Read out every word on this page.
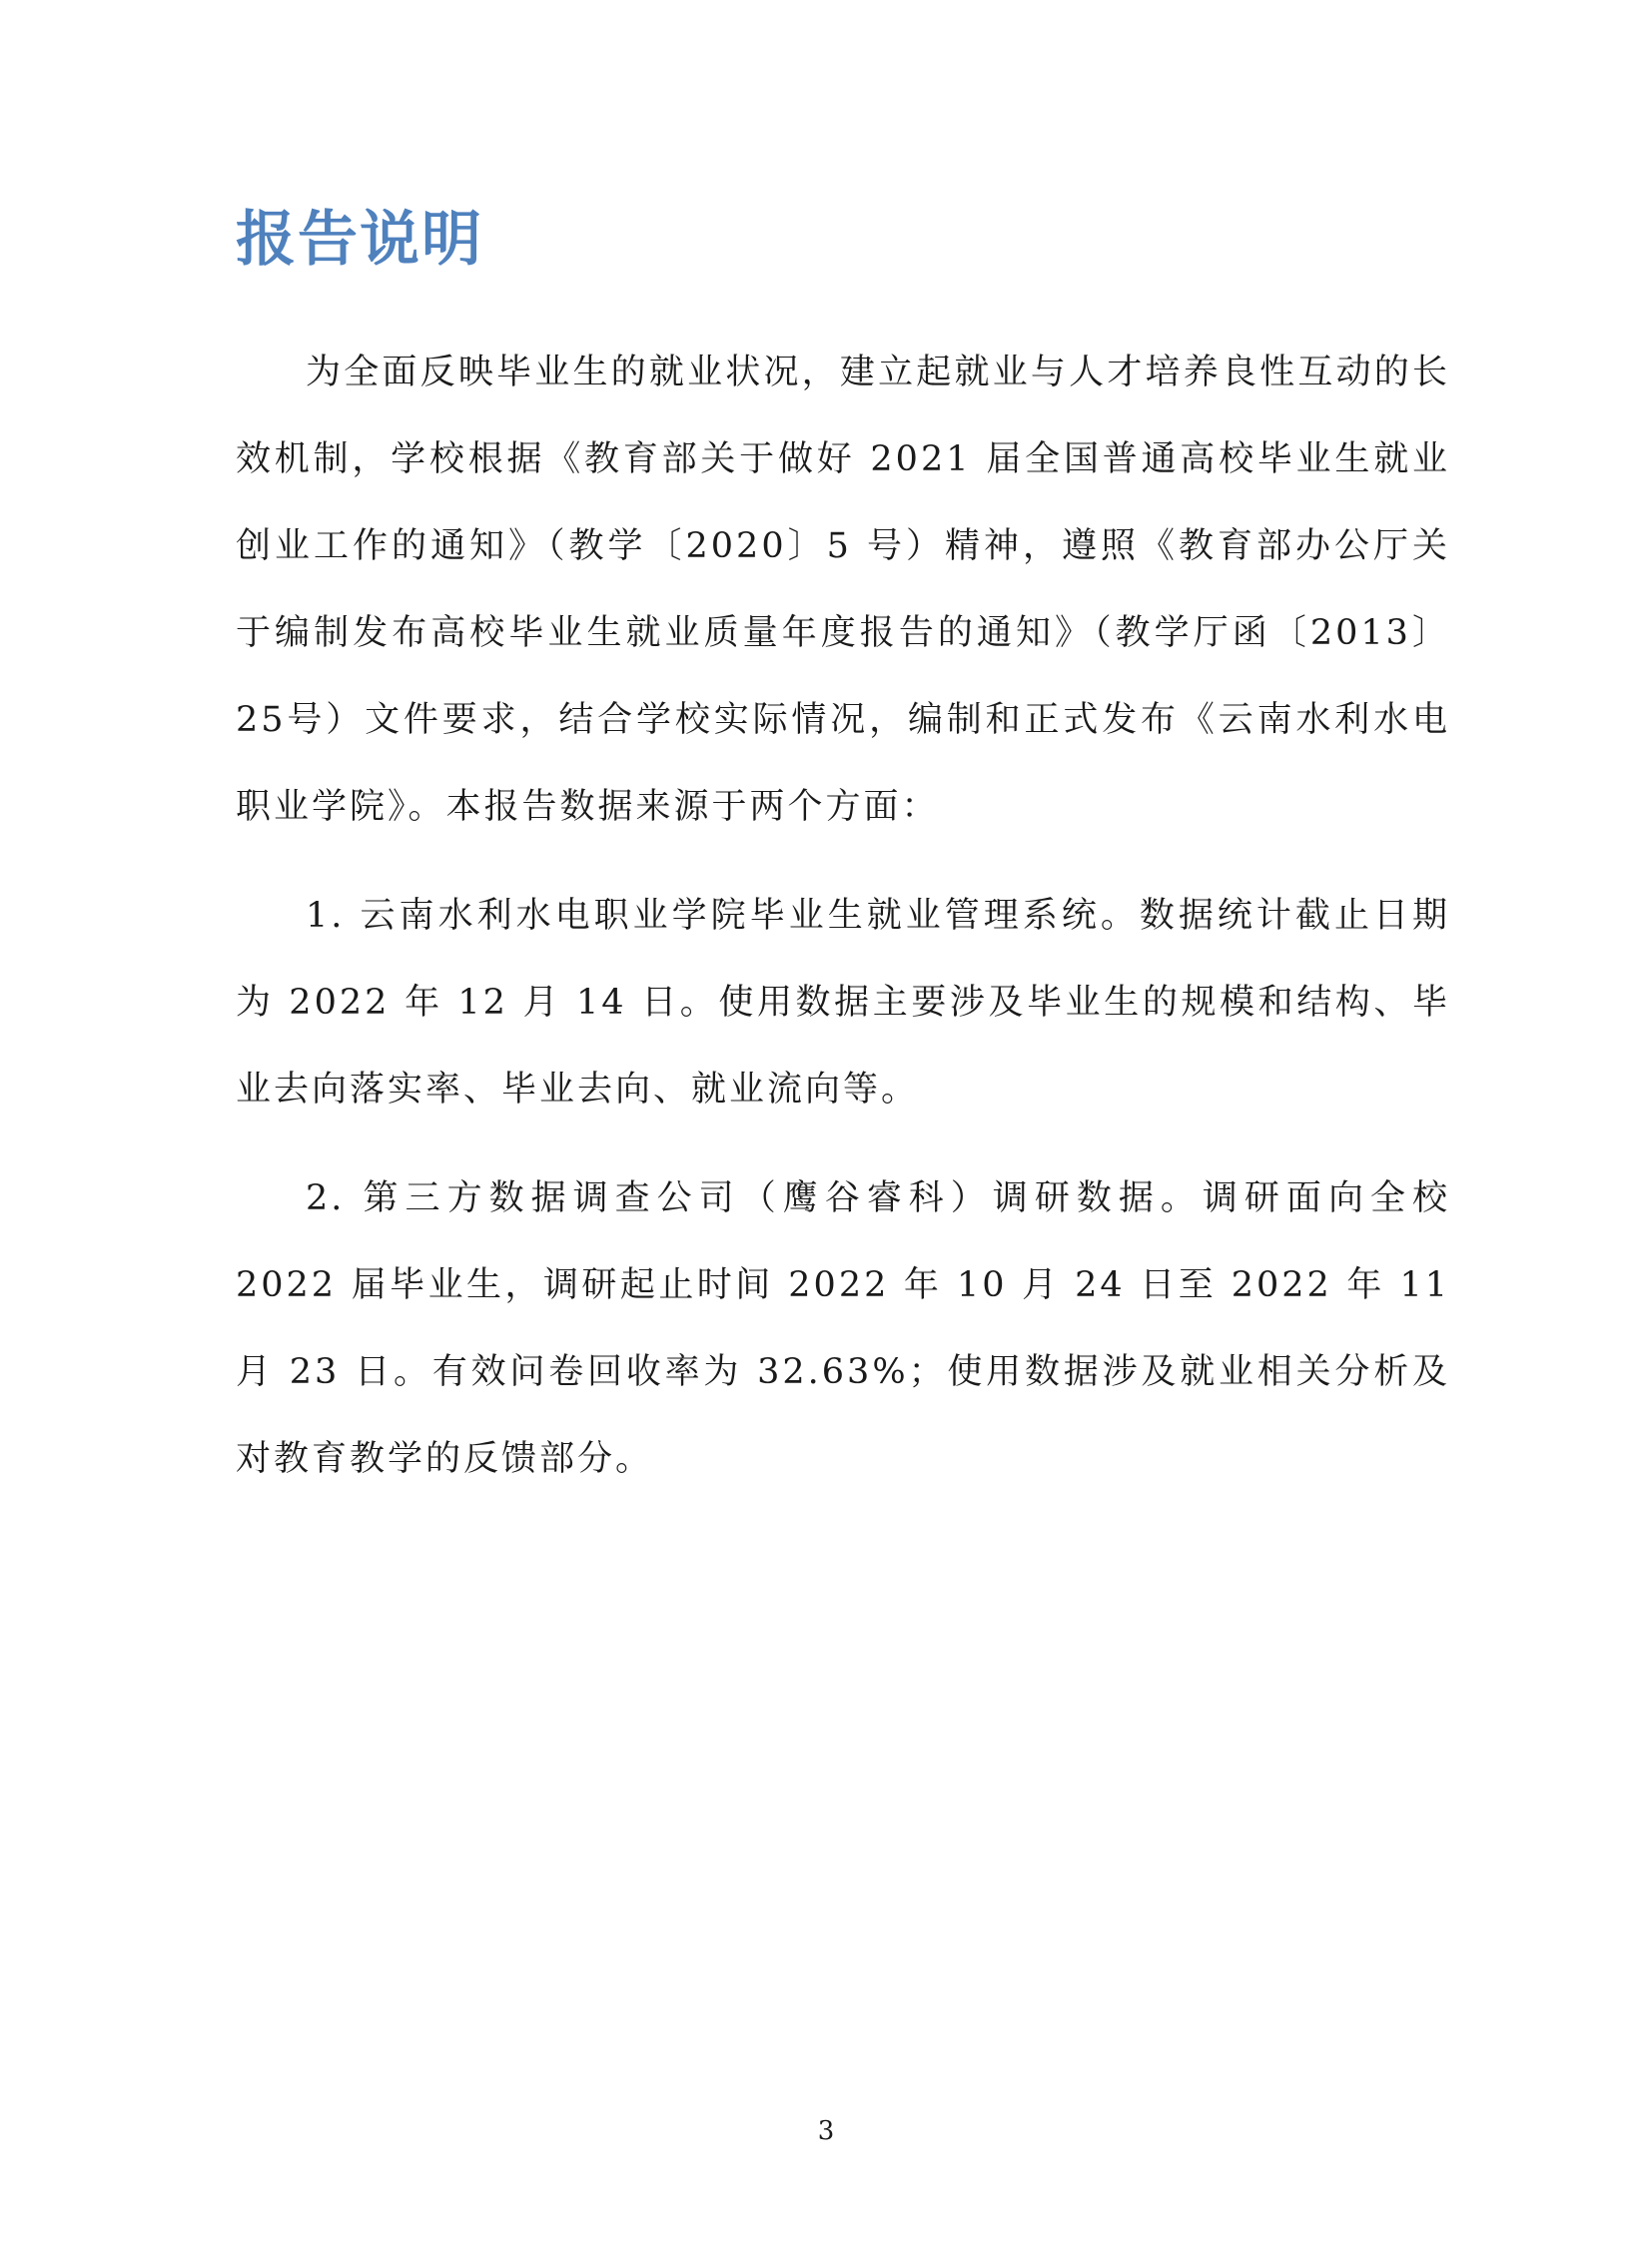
报告说明

为全面反映毕业生的就业状况，建立起就业与人才培养良性互动的长效机制，学校根据《教育部关于做好 2021 届全国普通高校毕业生就业创业工作的通知》（教学〔2020〕5 号）精神，遵照《教育部办公厅关于编制发布高校毕业生就业质量年度报告的通知》（教学厅函〔2013〕25号）文件要求，结合学校实际情况，编制和正式发布《云南水利水电职业学院》。本报告数据来源于两个方面：

1. 云南水利水电职业学院毕业生就业管理系统。数据统计截止日期为 2022 年 12 月 14 日。使用数据主要涉及毕业生的规模和结构、毕业去向落实率、毕业去向、就业流向等。

2. 第三方数据调查公司（鹰谷睿科）调研数据。调研面向全校 2022 届毕业生，调研起止时间 2022 年 10 月 24 日至 2022 年 11 月 23 日。有效问卷回收率为 32.63%；使用数据涉及就业相关分析及对教育教学的反馈部分。

3
